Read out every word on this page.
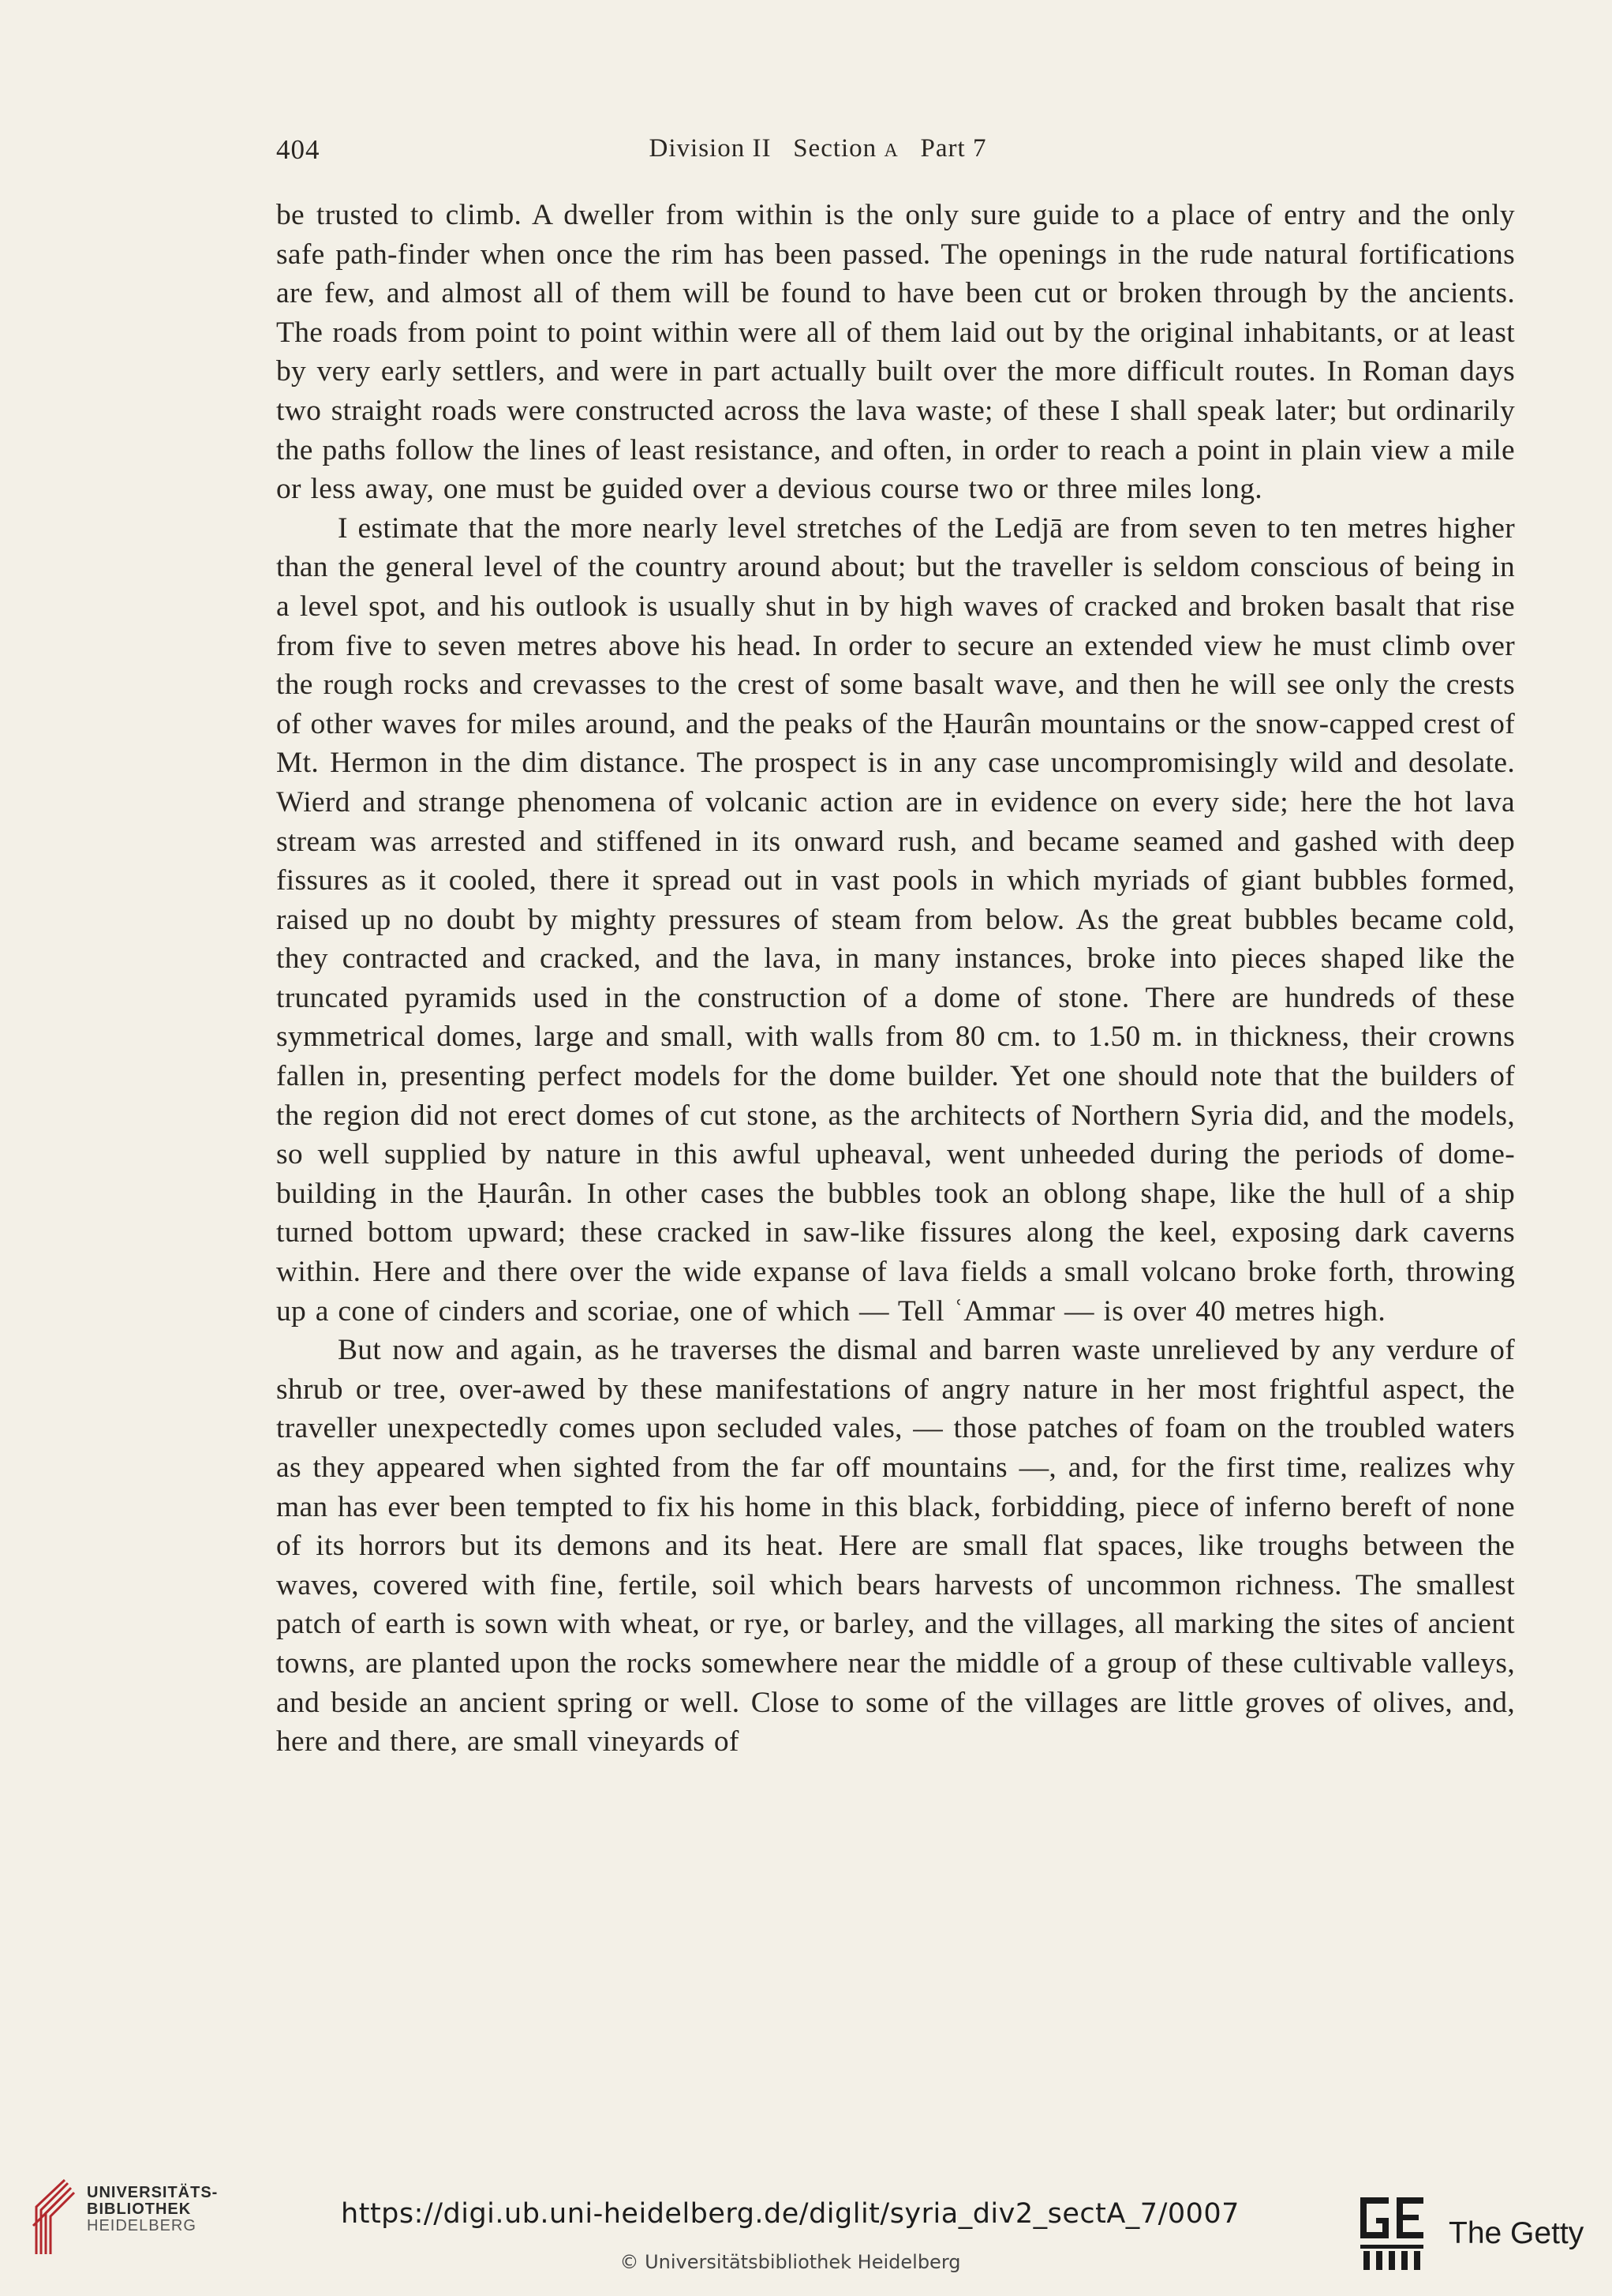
404	Division II Section A Part 7

be trusted to climb. A dweller from within is the only sure guide to a place of entry and the only safe path-finder when once the rim has been passed. The openings in the rude natural fortifications are few, and almost all of them will be found to have been cut or broken through by the ancients. The roads from point to point within were all of them laid out by the original inhabitants, or at least by very early settlers, and were in part actually built over the more difficult routes. In Roman days two straight roads were constructed across the lava waste; of these I shall speak later; but ordinarily the paths follow the lines of least resistance, and often, in order to reach a point in plain view a mile or less away, one must be guided over a devious course two or three miles long.

I estimate that the more nearly level stretches of the Ledjā are from seven to ten metres higher than the general level of the country around about; but the traveller is seldom conscious of being in a level spot, and his outlook is usually shut in by high waves of cracked and broken basalt that rise from five to seven metres above his head. In order to secure an extended view he must climb over the rough rocks and crevasses to the crest of some basalt wave, and then he will see only the crests of other waves for miles around, and the peaks of the Ḥaurân mountains or the snow-capped crest of Mt. Hermon in the dim distance. The prospect is in any case uncompromisingly wild and desolate. Wierd and strange phenomena of volcanic action are in evidence on every side; here the hot lava stream was arrested and stiffened in its onward rush, and became seamed and gashed with deep fissures as it cooled, there it spread out in vast pools in which myriads of giant bubbles formed, raised up no doubt by mighty pressures of steam from below. As the great bubbles became cold, they contracted and cracked, and the lava, in many instances, broke into pieces shaped like the truncated pyramids used in the construction of a dome of stone. There are hundreds of these symmetrical domes, large and small, with walls from 80 cm. to 1.50 m. in thickness, their crowns fallen in, presenting perfect models for the dome builder. Yet one should note that the builders of the region did not erect domes of cut stone, as the architects of Northern Syria did, and the models, so well supplied by nature in this awful upheaval, went unheeded during the periods of dome-building in the Ḥaurân. In other cases the bubbles took an oblong shape, like the hull of a ship turned bottom upward; these cracked in saw-like fissures along the keel, exposing dark caverns within. Here and there over the wide expanse of lava fields a small volcano broke forth, throwing up a cone of cinders and scoriae, one of which — Tell ʿAmmar — is over 40 metres high.

But now and again, as he traverses the dismal and barren waste unrelieved by any verdure of shrub or tree, over-awed by these manifestations of angry nature in her most frightful aspect, the traveller unexpectedly comes upon secluded vales, — those patches of foam on the troubled waters as they appeared when sighted from the far off mountains —, and, for the first time, realizes why man has ever been tempted to fix his home in this black, forbidding, piece of inferno bereft of none of its horrors but its demons and its heat. Here are small flat spaces, like troughs between the waves, covered with fine, fertile, soil which bears harvests of uncommon richness. The smallest patch of earth is sown with wheat, or rye, or barley, and the villages, all marking the sites of ancient towns, are planted upon the rocks somewhere near the middle of a group of these cultivable valleys, and beside an ancient spring or well. Close to some of the villages are little groves of olives, and, here and there, are small vineyards of

UNIVERSITÄTS-
BIBLIOTHEK
HEIDELBERG	https://digi.ub.uni-heidelberg.de/diglit/syria_div2_sectA_7/0007
© Universitätsbibliothek Heidelberg
The Getty
